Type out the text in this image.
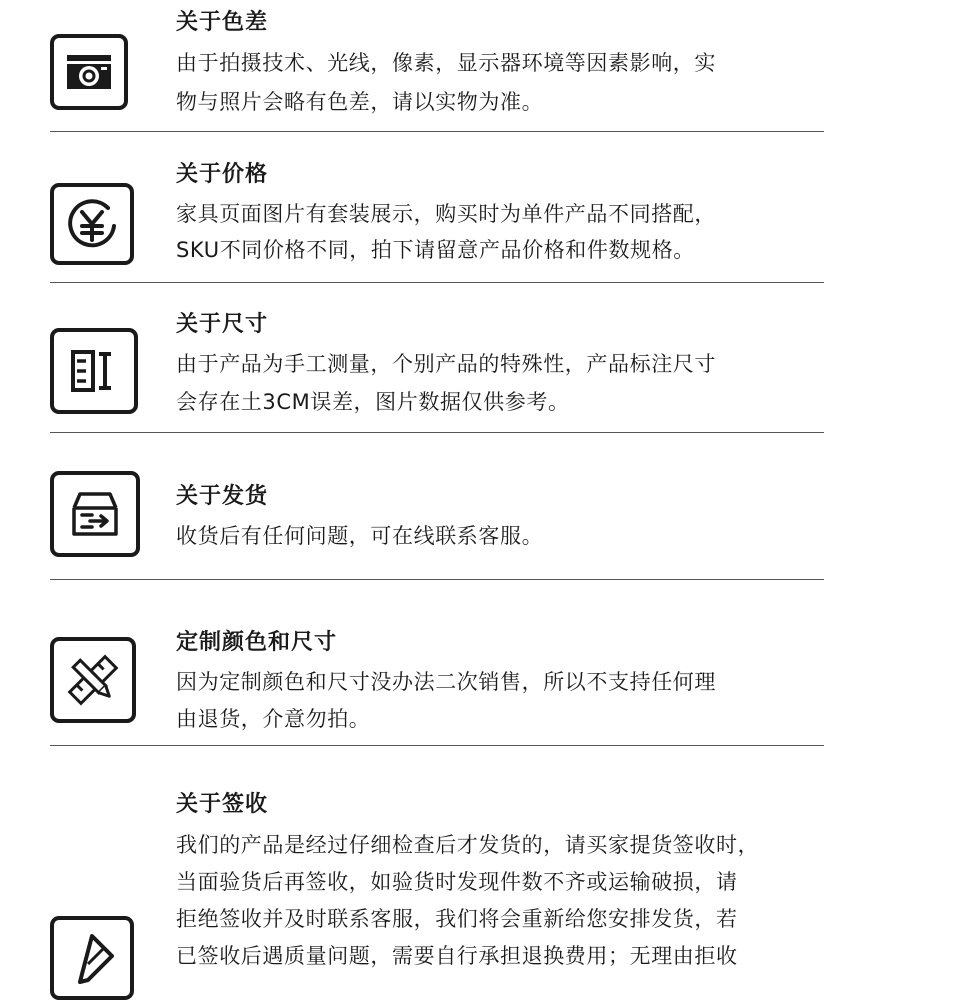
关于色差
由于拍摄技术、光线，像素，显示器环境等因素影响，实
物与照片会略有色差，请以实物为准。
关于价格
家具页面图片有套装展示，购买时为单件产品不同搭配，
SKU不同价格不同，拍下请留意产品价格和件数规格。
关于尺寸
由于产品为手工测量，个别产品的特殊性，产品标注尺寸
会存在土3CM误差，图片数据仅供参考。
关于发货
收货后有任何问题，可在线联系客服。
定制颜色和尺寸
因为定制颜色和尺寸没办法二次销售，所以不支持任何理
由退货，介意勿拍。
关于签收
我们的产品是经过仔细检查后才发货的，请买家提货签收时，
当面验货后再签收，如验货时发现件数不齐或运输破损，请
拒绝签收并及时联系客服，我们将会重新给您安排发货，若
已签收后遇质量问题，需要自行承担退换费用；无理由拒收
